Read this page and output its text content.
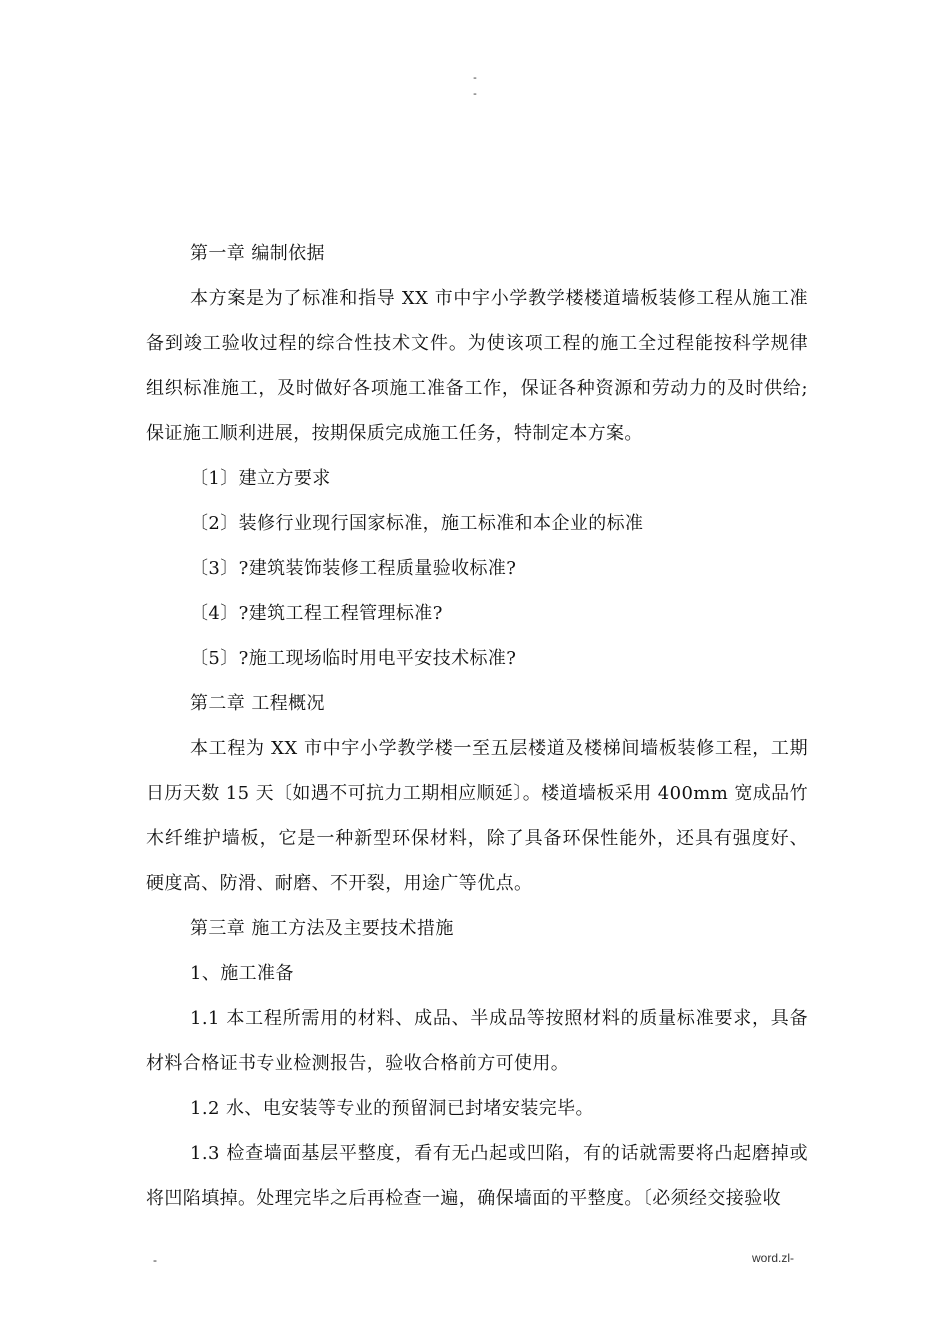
-
-
第一章 编制依据
本方案是为了标准和指导 XX 市中宇小学教学楼楼道墙板装修工程从施工准备到竣工验收过程的综合性技术文件。为使该项工程的施工全过程能按科学规律组织标准施工，及时做好各项施工准备工作，保证各种资源和劳动力的及时供给;保证施工顺利进展，按期保质完成施工任务，特制定本方案。
〔1〕建立方要求
〔2〕装修行业现行国家标准，施工标准和本企业的标准
〔3〕?建筑装饰装修工程质量验收标准?
〔4〕?建筑工程工程管理标准?
〔5〕?施工现场临时用电平安技术标准?
第二章 工程概况
本工程为 XX 市中宇小学教学楼一至五层楼道及楼梯间墙板装修工程，工期日历天数 15 天〔如遇不可抗力工期相应顺延〕。楼道墙板采用 400mm 宽成品竹木纤维护墙板，它是一种新型环保材料，除了具备环保性能外，还具有强度好、硬度高、防滑、耐磨、不开裂，用途广等优点。
第三章 施工方法及主要技术措施
1、施工准备
1.1 本工程所需用的材料、成品、半成品等按照材料的质量标准要求，具备材料合格证书专业检测报告，验收合格前方可使用。
1.2 水、电安装等专业的预留洞已封堵安装完毕。
1.3 检查墙面基层平整度，看有无凸起或凹陷，有的话就需要将凸起磨掉或将凹陷填掉。处理完毕之后再检查一遍，确保墙面的平整度。〔必须经交接验收
-	word.zl-
